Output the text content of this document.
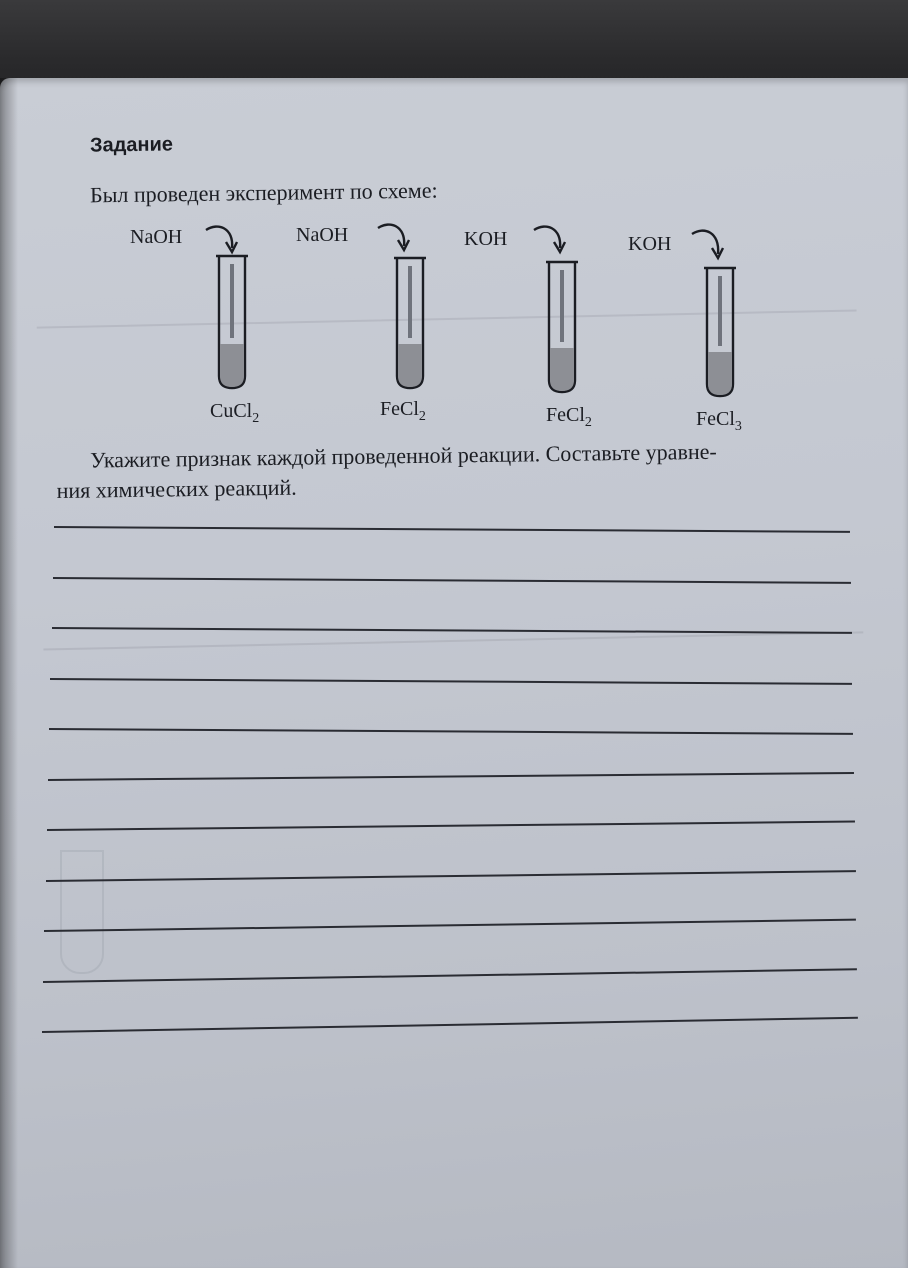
Задание
Был проведен эксперимент по схеме:
NaOH
CuCl$_2$
NaOH
FeCl$_2$
KOH
FeCl$_2$
KOH
FeCl$_3$
Укажите признак каждой проведенной реакции. Составьте уравне-
ния химических реакций.
